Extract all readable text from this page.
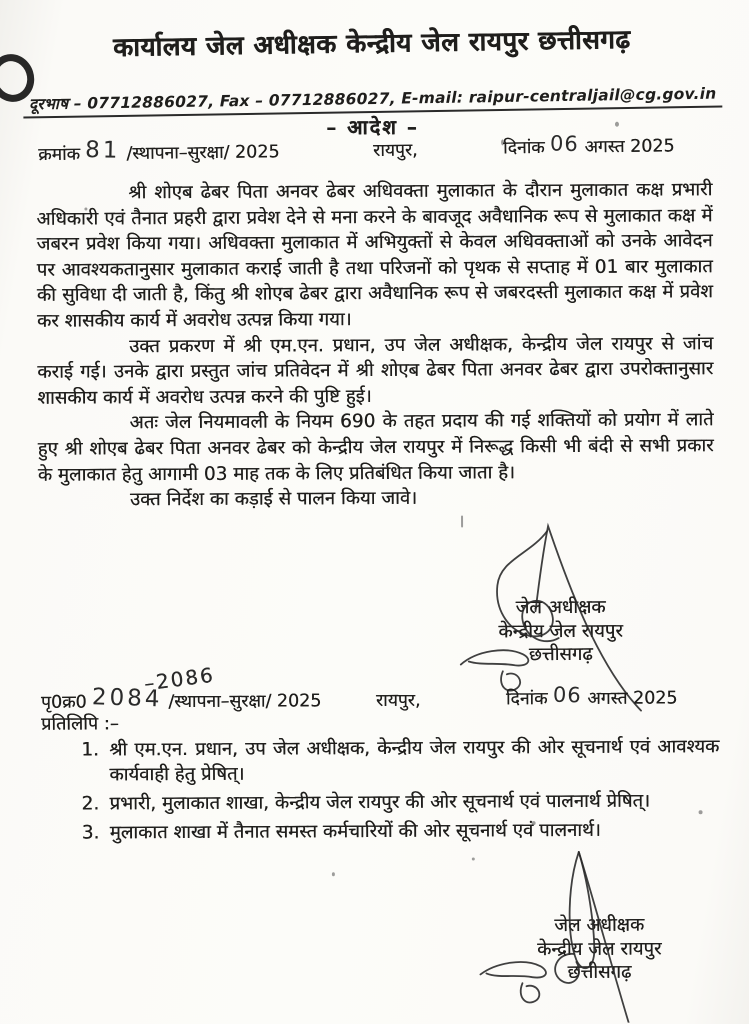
कार्यालय जेल अधीक्षक केन्द्रीय जेल रायपुर छत्तीसगढ़

दूरभाष – 07712886027, Fax – 07712886027, E-mail: raipur-centraljail@cg.gov.in
– आदेश –
क्रमांक 81 /स्थापना–सुरक्षा/ 2025	रायपुर,	दिनांक 06 अगस्त 2025

श्री शोएब ढेबर पिता अनवर ढेबर अधिवक्ता मुलाकात के दौरान मुलाकात कक्ष प्रभारी अधिकारी एवं तैनात प्रहरी द्वारा प्रवेश देने से मना करने के बावजूद अवैधानिक रूप से मुलाकात कक्ष में जबरन प्रवेश किया गया। अधिवक्ता मुलाकात में अभियुक्तों से केवल अधिवक्ताओं को उनके आवेदन पर आवश्यकतानुसार मुलाकात कराई जाती है तथा परिजनों को पृथक से सप्ताह में 01 बार मुलाकात की सुविधा दी जाती है, किंतु श्री शोएब ढेबर द्वारा अवैधानिक रूप से जबरदस्ती मुलाकात कक्ष में प्रवेश कर शासकीय कार्य में अवरोध उत्पन्न किया गया।

उक्त प्रकरण में श्री एम.एन. प्रधान, उप जेल अधीक्षक, केन्द्रीय जेल रायपुर से जांच कराई गई। उनके द्वारा प्रस्तुत जांच प्रतिवेदन में श्री शोएब ढेबर पिता अनवर ढेबर द्वारा उपरोक्तानुसार शासकीय कार्य में अवरोध उत्पन्न करने की पुष्टि हुई।

अतः जेल नियमावली के नियम 690 के तहत प्रदाय की गई शक्तियों को प्रयोग में लाते हुए श्री शोएब ढेबर पिता अनवर ढेबर को केन्द्रीय जेल रायपुर में निरूद्ध किसी भी बंदी से सभी प्रकार के मुलाकात हेतु आगामी 03 माह तक के लिए प्रतिबंधित किया जाता है।

उक्त निर्देश का कड़ाई से पालन किया जावे।

जेल अधीक्षक
केन्द्रीय जेल रायपुर
छत्तीसगढ़
पृ0क्र0 2084
–2086
/स्थापना–सुरक्षा/ 2025	रायपुर,	दिनांक 06 अगस्त 2025
प्रतिलिपि :–
1. श्री एम.एन. प्रधान, उप जेल अधीक्षक, केन्द्रीय जेल रायपुर की ओर सूचनार्थ एवं आवश्यक कार्यवाही हेतु प्रेषित्।
2. प्रभारी, मुलाकात शाखा, केन्द्रीय जेल रायपुर की ओर सूचनार्थ एवं पालनार्थ प्रेषित्।
3. मुलाकात शाखा में तैनात समस्त कर्मचारियों की ओर सूचनार्थ एवं पालनार्थ।
जेल अधीक्षक
केन्द्रीय जेल रायपुर
छत्तीसगढ़
